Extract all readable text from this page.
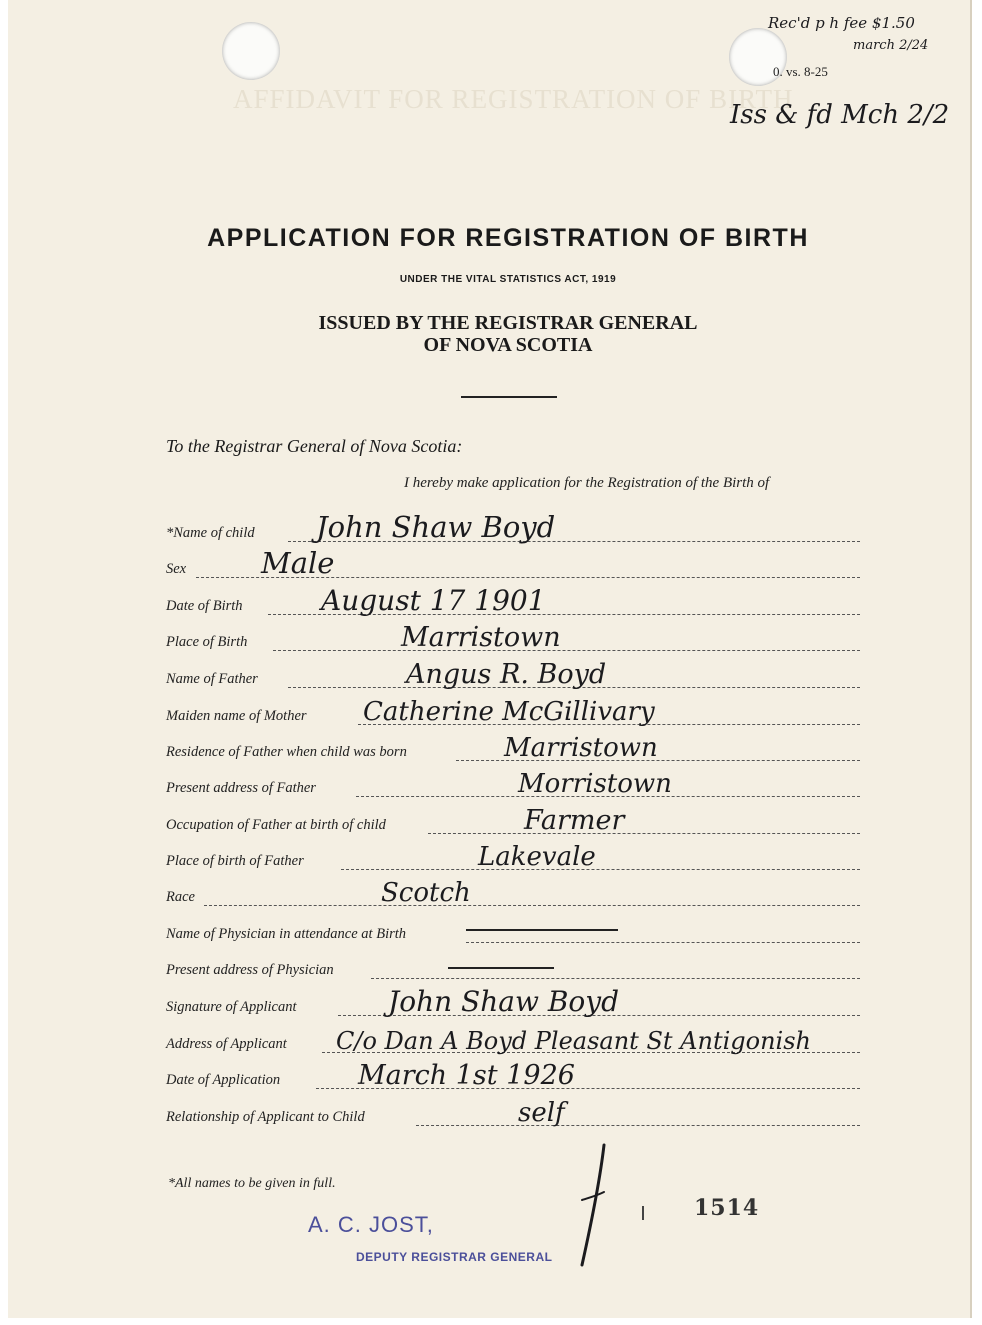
AFFIDAVIT FOR REGISTRATION OF BIRTH
0. vs. 8-25
Rec'd p h fee $1.50
march 2/24
Iss & fd Mch 2/2
APPLICATION FOR REGISTRATION OF BIRTH
UNDER THE VITAL STATISTICS ACT, 1919
ISSUED BY THE REGISTRAR GENERAL
OF NOVA SCOTIA
To the Registrar General of Nova Scotia:
I hereby make application for the Registration of the Birth of
*Name of child John Shaw Boyd
Sex	Male
Date of Birth	August 17 1901
Place of Birth	Marristown
Name of Father	Angus R. Boyd
Maiden name of Mother Catherine McGillivary
Residence of Father when child was born	Marristown
Present address of Father	Morristown
Occupation of Father at birth of child	Farmer
Place of birth of Father	Lakevale
Race	Scotch
Name of Physician in attendance at Birth
Present address of Physician
Signature of Applicant	John Shaw Boyd
Address of Applicant C/o Dan A Boyd Pleasant St Antigonish
Date of Application	March 1st 1926
Relationship of Applicant to Child	self
*All names to be given in full.
1514
A. C. JOST,
DEPUTY REGISTRAR GENERAL
